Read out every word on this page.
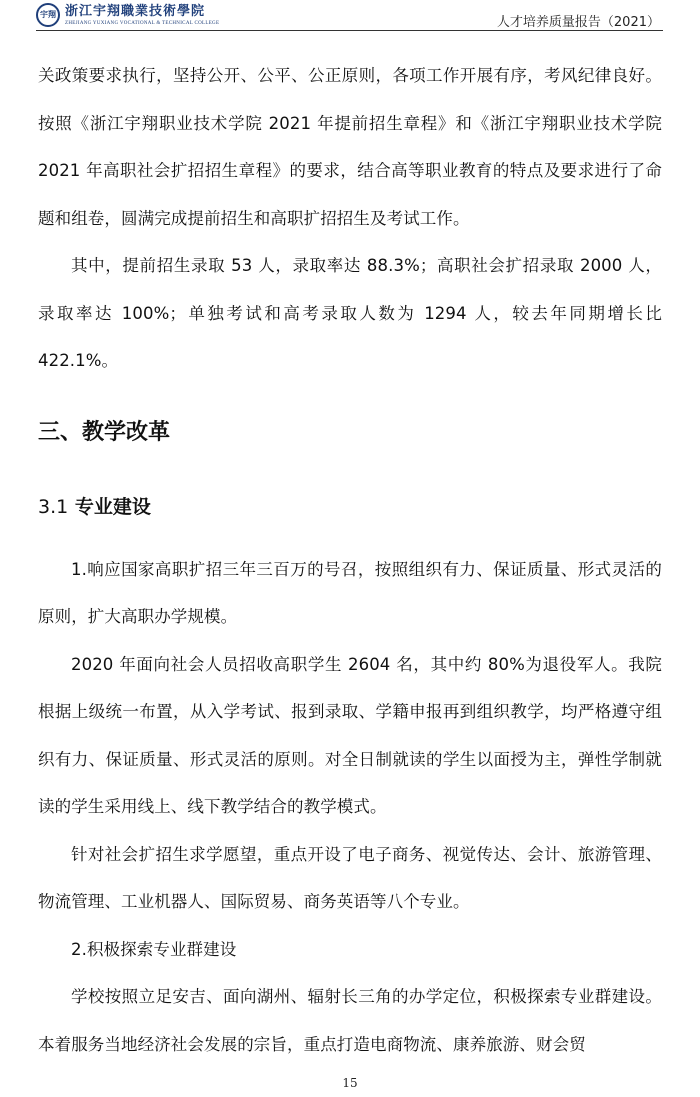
宇翔 浙江宇翔職業技術學院
ZHEJIANG YUXIANG VOCATIONAL & TECHNICAL COLLEGE	人才培养质量报告（2021）

关政策要求执行，坚持公开、公平、公正原则，各项工作开展有序，考风纪律良好。按照《浙江宇翔职业技术学院 2021 年提前招生章程》和《浙江宇翔职业技术学院 2021 年高职社会扩招招生章程》的要求，结合高等职业教育的特点及要求进行了命题和组卷，圆满完成提前招生和高职扩招招生及考试工作。

其中，提前招生录取 53 人，录取率达 88.3%；高职社会扩招录取 2000 人，录取率达 100%；单独考试和高考录取人数为 1294 人，较去年同期增长比 422.1%。

三、教学改革
3.1 专业建设

1.响应国家高职扩招三年三百万的号召，按照组织有力、保证质量、形式灵活的原则，扩大高职办学规模。

2020 年面向社会人员招收高职学生 2604 名，其中约 80%为退役军人。我院根据上级统一布置，从入学考试、报到录取、学籍申报再到组织教学，均严格遵守组织有力、保证质量、形式灵活的原则。对全日制就读的学生以面授为主，弹性学制就读的学生采用线上、线下教学结合的教学模式。

针对社会扩招生求学愿望，重点开设了电子商务、视觉传达、会计、旅游管理、物流管理、工业机器人、国际贸易、商务英语等八个专业。

2.积极探索专业群建设

学校按照立足安吉、面向湖州、辐射长三角的办学定位，积极探索专业群建设。本着服务当地经济社会发展的宗旨，重点打造电商物流、康养旅游、财会贸

15
